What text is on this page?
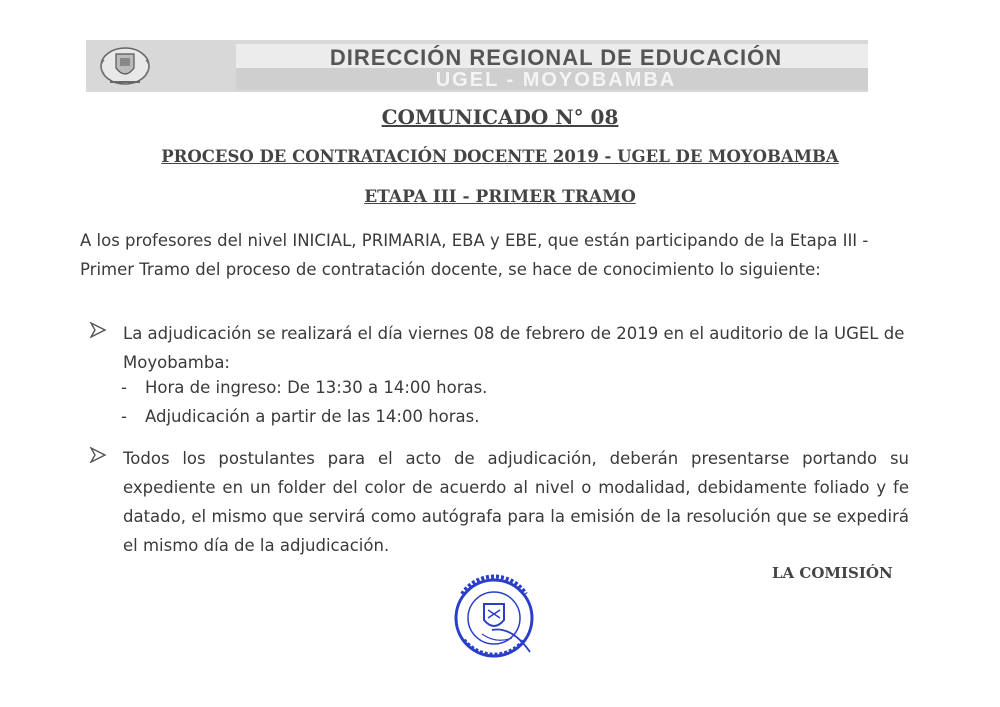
DIRECCIÓN REGIONAL DE EDUCACIÓN
UGEL - MOYOBAMBA
COMUNICADO N° 08
PROCESO DE CONTRATACIÓN DOCENTE 2019 - UGEL DE MOYOBAMBA
ETAPA III - PRIMER TRAMO
A los profesores del nivel INICIAL, PRIMARIA, EBA y EBE, que están participando de la Etapa III - Primer Tramo del proceso de contratación docente, se hace de conocimiento lo siguiente:
La adjudicación se realizará el día viernes 08 de febrero de 2019 en el auditorio de la UGEL de Moyobamba:
- Hora de ingreso: De 13:30 a 14:00 horas.
- Adjudicación a partir de las 14:00 horas.
Todos los postulantes para el acto de adjudicación, deberán presentarse portando su expediente en un folder del color de acuerdo al nivel o modalidad, debidamente foliado y fe datado, el mismo que servirá como autógrafa para la emisión de la resolución que se expedirá el mismo día de la adjudicación.
LA COMISIÓN
